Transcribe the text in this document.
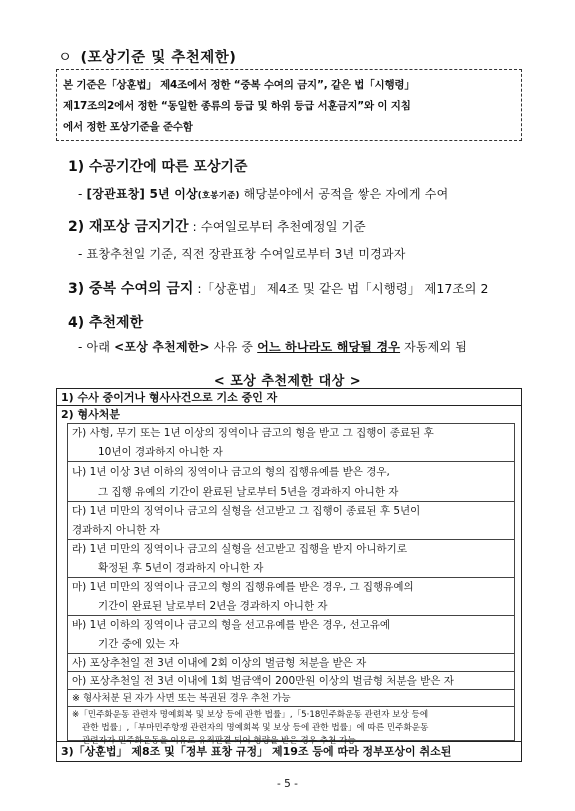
ㅇ (포상기준 및 추천제한)
본 기준은「상훈법」 제4조에서 정한 “중복 수여의 금지”, 같은 법「시행령」
제17조의2에서 정한 “동일한 종류의 등급 및 하위 등급 서훈금지”와 이 지침
에서 정한 포상기준을 준수함
1) 수공기간에 따른 포상기준
- [장관표창] 5년 이상(호봉기준) 해당분야에서 공적을 쌓은 자에게 수여
2) 재포상 금지기간 : 수여일로부터 추천예정일 기준
- 표창추천일 기준, 직전 장관표창 수여일로부터 3년 미경과자
3) 중복 수여의 금지 :「상훈법」 제4조 및 같은 법「시행령」 제17조의 2
4) 추천제한
- 아래 <포상 추천제한> 사유 중 어느 하나라도 해당될 경우 자동제외 됨
< 포상 추천제한 대상 >
1) 수사 중이거나 형사사건으로 기소 중인 자
2) 형사처분
가) 사형, 무기 또는 1년 이상의 징역이나 금고의 형을 받고 그 집행이 종료된 후
10년이 경과하지 아니한 자
나) 1년 이상 3년 이하의 징역이나 금고의 형의 집행유예를 받은 경우,
그 집행 유예의 기간이 완료된 날로부터 5년을 경과하지 아니한 자
다) 1년 미만의 징역이나 금고의 실형을 선고받고 그 집행이 종료된 후 5년이
경과하지 아니한 자
라) 1년 미만의 징역이나 금고의 실형을 선고받고 집행을 받지 아니하기로
확정된 후 5년이 경과하지 아니한 자
마) 1년 미만의 징역이나 금고의 형의 집행유예를 받은 경우, 그 집행유예의
기간이 완료된 날로부터 2년을 경과하지 아니한 자
바) 1년 이하의 징역이나 금고의 형을 선고유예를 받은 경우, 선고유예
기간 중에 있는 자
사) 포상추천일 전 3년 이내에 2회 이상의 벌금형 처분을 받은 자
아) 포상추천일 전 3년 이내에 1회 벌금액이 200만원 이상의 벌금형 처분을 받은 자
※ 형사처분 된 자가 사면 또는 복권된 경우 추천 가능
※「민주화운동 관련자 명예회복 및 보상 등에 관한 법률」,「5·18민주화운동 관련자 보상 등에
관한 법률」,「부마민주항쟁 관련자의 명예회복 및 보상 등에 관한 법률」에 따른 민주화운동
관련자가 민주화운동을 이유로 유죄판결 되어 형량을 받은 경우 추천 가능
3)「상훈법」 제8조 및「정부 표창 규정」 제19조 등에 따라 정부포상이 취소된
- 5 -
